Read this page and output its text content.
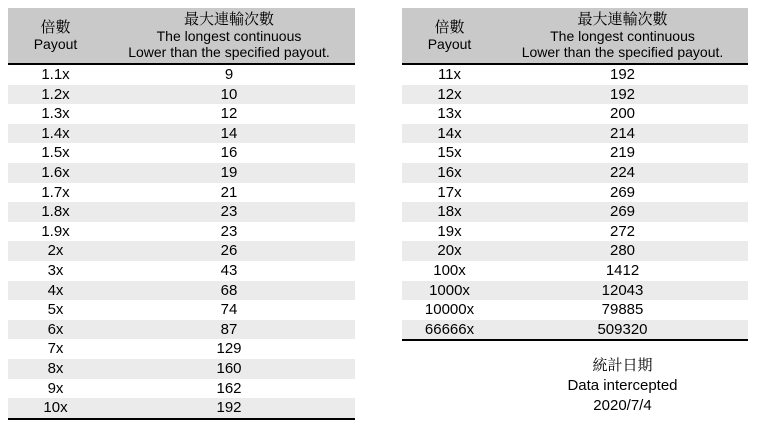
倍數
Payout

最大連輸次數
The longest continuous
Lower than the specified payout.

1.1x	9
1.2x	10
1.3x	12
1.4x	14
1.5x	16
1.6x	19
1.7x	21
1.8x	23
1.9x	23
2x	26
3x	43
4x	68
5x	74
6x	87
7x	129
8x	160
9x	162
10x	192
倍數
Payout

最大連輸次數
The longest continuous
Lower than the specified payout.

11x	192
12x	192
13x	200
14x	214
15x	219
16x	224
17x	269
18x	269
19x	272
20x	280
100x	1412
1000x	12043
10000x	79885
66666x	509320
統計日期
Data intercepted
2020/7/4
